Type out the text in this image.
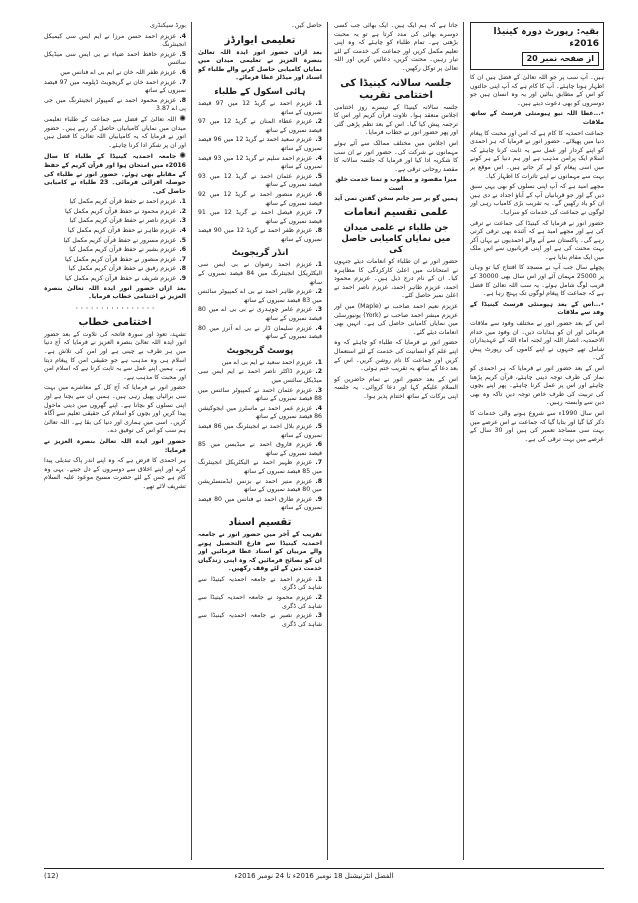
بقیہ: رپورٹ دورہ کینیڈا 2016ء
از صفحہ نمبر 20

ہیں۔ آپ سب پر جو اللہ تعالیٰ کے فضل ہیں ان کا اظہار ہونا چاہئے۔ آپ کا کام ہے کہ آپ اپنی حالتوں کو اس کے مطابق بنائیں اور یہ وہ انسان ہیں جو دوسروں کو بھی دعوت دیتے ہیں۔

٭...عطا اللہ نیو ہیومنٹی فرسٹ کے ساتھ ملاقات

جماعت احمدیہ کا کام ہے کہ امن اور محبت کا پیغام دنیا میں پھیلائے۔ حضور انور نے فرمایا کہ ہر احمدی کو اپنے کردار اور عمل سے یہ ثابت کرنا چاہئے کہ اسلام ایک پرامن مذہب ہے اور ہم دنیا کے ہر کونے میں اسی پیغام کو لے کر جاتے ہیں۔ اس موقع پر بہت سے مہمانوں نے اپنے تاثرات کا اظہار کیا۔

مجھے امید ہے کہ آپ اپنی نسلوں کو بھی یہی سبق دیں گے اور جو قربانیاں آپ کے آباؤ اجداد نے دی ہیں ان کو یاد رکھیں گے۔ یہ تقریب بڑی کامیاب رہی اور لوگوں نے جماعت کی خدمات کو سراہا۔

حضور انور نے فرمایا کہ کینیڈا کی جماعت نے ترقی کی ہے اور مجھے امید ہے کہ آئندہ بھی ترقی کرتی رہے گی۔ پاکستان سے آنے والے احمدیوں نے یہاں آکر بہت محنت کی ہے اور اپنی قربانیوں سے اس ملک میں ایک مقام بنایا ہے۔

پچھلے سال جب آپ نے مسجد کا افتتاح کیا تو وہاں پر 25000 مہمان آئے اور اس سال بھی 30000 کے قریب لوگ شامل ہوئے۔ یہ سب اللہ تعالیٰ کا فضل ہے کہ جماعت کا پیغام لوگوں تک پہنچ رہا ہے۔

٭...اس کے بعد ہیومنٹی فرسٹ کینیڈا کے وفد سے ملاقات

اس کے بعد حضور انور نے مختلف وفود سے ملاقات فرمائی اور ان کو ہدایات دیں۔ ان وفود میں خدام الاحمدیہ، انصار اللہ اور لجنہ اماء اللہ کے عہدیداران شامل تھے جنہوں نے اپنے کاموں کی رپورٹ پیش کی۔

اس کے بعد حضور انور نے فرمایا کہ ہر احمدی کو نماز کی طرف توجہ دینی چاہئے، قرآن کریم پڑھنا چاہئے اور اس پر عمل کرنا چاہئے۔ پھر اپنے بچوں کی تربیت کی طرف خاص توجہ دیں تاکہ وہ بھی دین سے وابستہ رہیں۔

اس سال 1990ء سے شروع ہونے والی خدمات کا ذکر کیا گیا اور بتایا گیا کہ جماعت نے اس عرصے میں بہت سی مساجد تعمیر کی ہیں اور 30 سال کے عرصے میں بہت ترقی کی ہے۔

جاتا ہے کہ ہم ایک ہیں۔ ایک بھائی جب کسی دوسرے بھائی کی مدد کرتا ہے تو یہ محبت بڑھتی ہے۔ تمام طلباء کو چاہئے کہ وہ اپنی تعلیم مکمل کریں اور جماعت کی خدمت کے لئے تیار رہیں۔ محنت کریں، دعائیں کریں اور اللہ تعالیٰ پر توکل رکھیں۔

جلسہ سالانہ کینیڈا کی اختتامی تقریب

جلسہ سالانہ کینیڈا کے تیسرے روز اختتامی اجلاس منعقد ہوا۔ تلاوت قرآن کریم اور اس کا ترجمہ پیش کیا گیا۔ اس کے بعد نظم پڑھی گئی اور پھر حضور انور نے خطاب فرمایا۔

اس اجلاس میں مختلف ممالک سے آئے ہوئے مہمانوں نے شرکت کی۔ حضور انور نے ان سب کا شکریہ ادا کیا اور فرمایا کہ جلسہ سالانہ کا مقصد روحانی ترقی ہے۔

میرا مقصود و مطلوب و تمنا خدمت خلق است
ہمیں گو بر سر جانم سخن گفتن نمی آید
علمی تقسیم انعامات
جن طلباء نے علمی میدان میں نمایاں کامیابی حاصل کی

حضور انور نے ان طلباء کو انعامات دیئے جنہوں نے امتحانات میں اعلیٰ کارکردگی کا مظاہرہ کیا۔ ان کے نام درج ذیل ہیں۔ عزیزم محمود احمد، عزیزم طاہر احمد، عزیزم ناصر احمد نے اعلیٰ نمبر حاصل کئے۔

عزیزم نعیم احمد صاحب نے (Maple) میں اور عزیزم مبشر احمد صاحب نے (York) یونیورسٹی میں نمایاں کامیابی حاصل کی ہے۔ انہیں بھی انعامات دیئے گئے۔

حضور انور نے فرمایا کہ طلباء کو چاہئے کہ وہ اپنے علم کو انسانیت کی خدمت کے لئے استعمال کریں اور جماعت کا نام روشن کریں۔ اس کے بعد دعا کے ساتھ یہ تقریب ختم ہوئی۔

اس کے بعد حضور انور نے تمام حاضرین کو السلام علیکم کہا اور دعا کروائی۔ یہ جلسہ اپنی برکات کے ساتھ اختتام پذیر ہوا۔

حاصل کیں۔

تعلیمی ایوارڈز

بعد ازاں حضور انور ایدہ اللہ تعالیٰ بنصرہ العزیز نے تعلیمی میدان میں نمایاں کامیابی حاصل کرنے والے طلباء کو اسناد اور میڈلز عطا فرمائے۔

ہائی اسکول کے طلباء
1.عزیزم احمد نے گریڈ 12 میں 97 فیصد نمبروں کے ساتھ
2.عزیزم عطاء المنان نے گریڈ 12 میں 97 فیصد نمبروں کے ساتھ
3.عزیزم سعید احمد نے گریڈ 12 میں 96 فیصد نمبروں کے ساتھ
4.عزیزم احمد سلیم نے گریڈ 12 میں 93 فیصد نمبروں کے ساتھ
5.عزیزم عثمان احمد نے گریڈ 12 میں 93 فیصد نمبروں کے ساتھ
6.عزیزم منصور احمد نے گریڈ 12 میں 92 فیصد نمبروں کے ساتھ
7.عزیزم فیصل احمد نے گریڈ 12 میں 91 فیصد نمبروں کے ساتھ
8.عزیزم ظفر احمد نے گریڈ 12 میں 90 فیصد نمبروں کے ساتھ
انڈر گریجویٹ
1.عزیزم احمد رضوان نے بی ایس سی الیکٹریکل انجینئرنگ میں 84 فیصد نمبروں کے ساتھ
2.عزیزم طاہر احمد نے بی اے کمپیوٹر سائنس میں 83 فیصد نمبروں کے ساتھ
3.عزیزم عامر چوہدری نے بی بی اے میں 80 فیصد نمبروں کے ساتھ
4.عزیزم سلیمان ڈار نے بی اے آنرز میں 80 فیصد نمبروں کے ساتھ
پوسٹ گریجویٹ
1.عزیزم احمد سعید نے ایم بی اے میں
2.عزیزم ڈاکٹر ناصر احمد نے ایم ایس سی میڈیکل سائنس میں
3.عزیزم عثمان احمد نے کمپیوٹر سائنس میں 88 فیصد نمبروں کے ساتھ
4.عزیزم عمر احمد نے ماسٹرز میں ایجوکیشن 86 فیصد نمبروں کے ساتھ
5.عزیزم بلال احمد نے انجینئرنگ میں 86 فیصد نمبروں کے ساتھ
6.عزیزم فاروق احمد نے میڈیسن میں 85 فیصد نمبروں کے ساتھ
7.عزیزم ظہیر احمد نے الیکٹریکل انجینئرنگ میں 85 فیصد نمبروں کے ساتھ
8.عزیزم منیر احمد نے بزنس ایڈمنسٹریشن میں 80 فیصد نمبروں کے ساتھ
9.عزیزم طارق احمد نے فنانس میں 80 فیصد نمبروں کے ساتھ
تقسیم اسناد

تقریب کے آخر میں حضور انور نے جامعہ احمدیہ کینیڈا سے فارغ التحصیل ہونے والے مربیان کو اسناد عطا فرمائیں اور ان کو نصائح فرمائیں کہ وہ اپنی زندگیاں خدمت دین کے لئے وقف رکھیں۔

1.عزیزم احمد نے جامعہ احمدیہ کینیڈا سے شاہد کی ڈگری
2.عزیزم محمود نے جامعہ احمدیہ کینیڈا سے شاہد کی ڈگری
3.عزیزم نصیر نے جامعہ احمدیہ کینیڈا سے شاہد کی ڈگری

بورڈ سیکنڈری

4.عزیزم احمد حسن مرزا نے ایم ایس سی کیمیکل انجینئرنگ
5.عزیزم حافظ احمد ضیاء نے بی ایس سی میڈیکل سائنس
6.عزیزم ظفر اللہ خان نے ایم بی اے فنانس میں
7.عزیزم احمد خان نے گریجویٹ ڈپلومہ میں 97 فیصد نمبروں کے ساتھ
8.عزیزم محمود احمد نے کمپیوٹر انجینئرنگ میں جی پی اے 3.87

✺اللہ تعالیٰ کے فضل سے جماعت کے طلباء تعلیمی میدان میں نمایاں کامیابیاں حاصل کر رہے ہیں۔ حضور انور نے فرمایا کہ یہ کامیابیاں اللہ تعالیٰ کا فضل ہیں اور ان پر شکر ادا کرنا چاہئے۔

✺جامعہ احمدیہ کینیڈا کے طلباء کا سال 2016ء میں امتحان ہوا اور قرآن کریم کے حفظ کے مقابلے بھی ہوئے۔ حضور انور نے طلباء کی حوصلہ افزائی فرمائی۔ 23 طلباء نے کامیابی حاصل کی۔

1.عزیزم احمد نے حفظ قرآن کریم مکمل کیا
2.عزیزم محمود نے حفظ قرآن کریم مکمل کیا
3.عزیزم ناصر نے حفظ قرآن کریم مکمل کیا
4.عزیزم طاہر نے حفظ قرآن کریم مکمل کیا
5.عزیزم مسرور نے حفظ قرآن کریم مکمل کیا
6.عزیزم بشیر نے حفظ قرآن کریم مکمل کیا
7.عزیزم منصور نے حفظ قرآن کریم مکمل کیا
8.عزیزم رفیق نے حفظ قرآن کریم مکمل کیا
9.عزیزم شریف نے حفظ قرآن کریم مکمل کیا

بعد ازاں حضور انور ایدہ اللہ تعالیٰ بنصرہ العزیز نے اختتامی خطاب فرمایا۔

· · · · · · · · · · · · · · · ·
اختتامی خطاب

تشہد، تعوذ اور سورۃ فاتحہ کی تلاوت کے بعد حضور انور ایدہ اللہ تعالیٰ بنصرہ العزیز نے فرمایا کہ آج دنیا میں ہر طرف بے چینی ہے اور امن کی تلاش ہے۔ اسلام ہی وہ مذہب ہے جو حقیقی امن کا پیغام دیتا ہے۔ ہمیں اپنے عمل سے یہ ثابت کرنا ہے کہ اسلام امن اور محبت کا مذہب ہے۔

حضور انور نے فرمایا کہ آج کل کے معاشرے میں بہت سی برائیاں پھیل رہی ہیں۔ ہمیں ان سے بچنا ہے اور اپنی نسلوں کو بچانا ہے۔ اپنے گھروں میں دینی ماحول پیدا کریں اور بچوں کو اسلام کی حقیقی تعلیم سے آگاہ کریں۔ اسی میں ہماری اور دنیا کی بقا ہے۔ اللہ تعالیٰ ہم سب کو اس کی توفیق دے۔

حضور انور ایدہ اللہ تعالیٰ بنصرہ العزیز نے فرمایا:

ہر احمدی کا فرض ہے کہ وہ اپنے اندر پاک تبدیلی پیدا کرے اور اپنے اخلاق سے دوسروں کے دل جیتے۔ یہی وہ کام ہے جس کے لئے حضرت مسیح موعود علیہ السلام تشریف لائے تھے۔

(12)	الفضل انٹرنیشنل 18 نومبر 2016ء تا 24 نومبر 2016ء
